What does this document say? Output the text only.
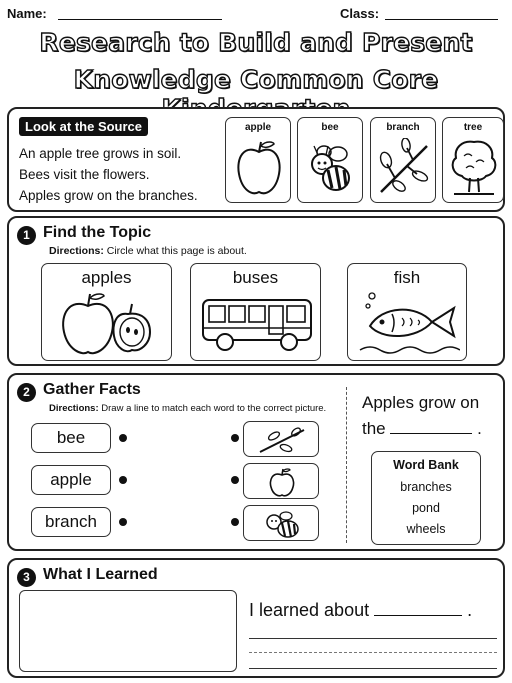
Name:	Class:
Research to Build and Present
Knowledge Common Core
Look at the Source
An apple tree grows in soil.
Bees visit the flowers.
Apples grow on the branches.
apple	bee	branch	tree
1 Find the Topic
Directions: Circle what this page is about.
apples	buses	fish
2 Gather Facts
Directions: Draw a line to match each word to the correct picture.
bee
apple
branch
Apples grow on
the	.
Word Bank
branches
pond
wheels
3 What I Learned
I learned about	.
